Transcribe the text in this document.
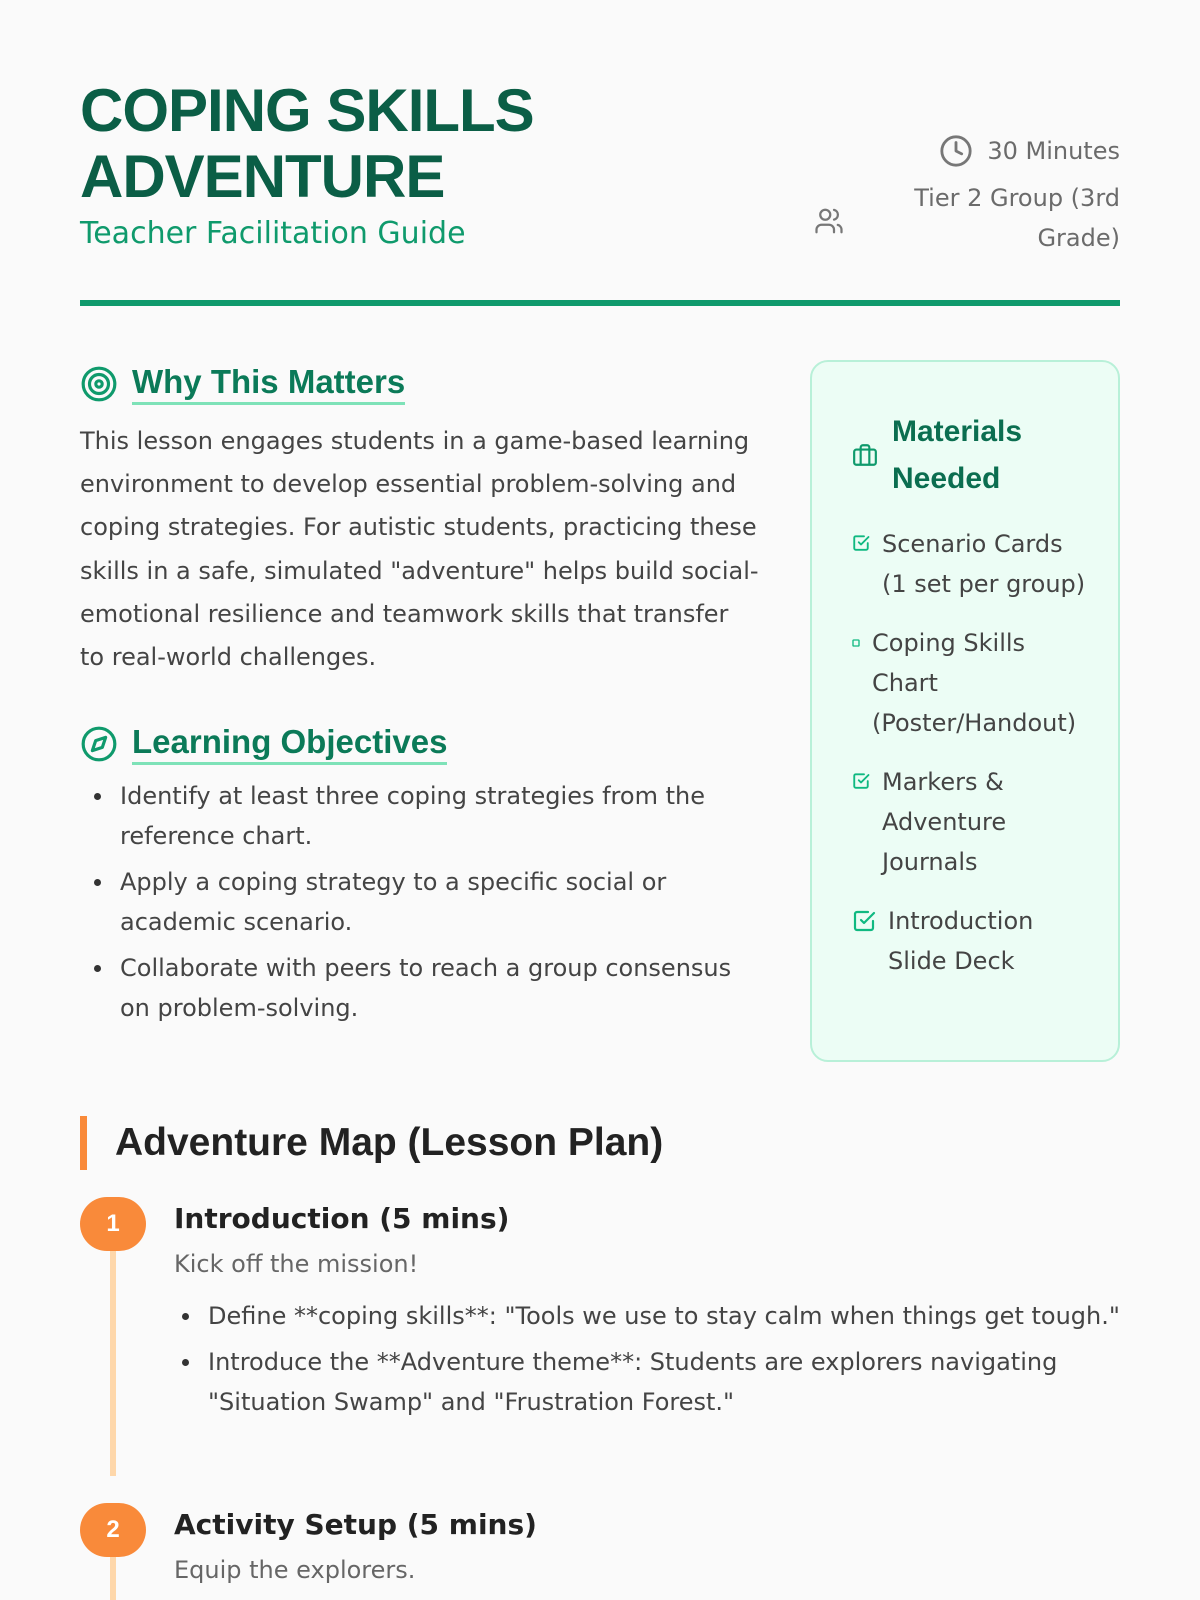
COPING SKILLS ADVENTURE

Teacher Facilitation Guide

30 Minutes
Tier 2 Group (3rd Grade)
Why This Matters

This lesson engages students in a game-based learning environment to develop essential problem-solving and coping strategies. For autistic students, practicing these skills in a safe, simulated "adventure" helps build social-emotional resilience and teamwork skills that transfer to real-world challenges.

Learning Objectives
Identify at least three coping strategies from the reference chart.
Apply a coping strategy to a specific social or academic scenario.
Collaborate with peers to reach a group consensus on problem-solving.
Materials Needed
Scenario Cards (1 set per group)
Coping Skills Chart (Poster/Handout)
Markers & Adventure Journals
Introduction Slide Deck
Adventure Map (Lesson Plan)
1	Introduction (5 mins)
Kick off the mission!
Define **coping skills**: "Tools we use to stay calm when things get tough."
Introduce the **Adventure theme**: Students are explorers navigating "Situation Swamp" and "Frustration Forest."
2	Activity Setup (5 mins)
Equip the explorers.
